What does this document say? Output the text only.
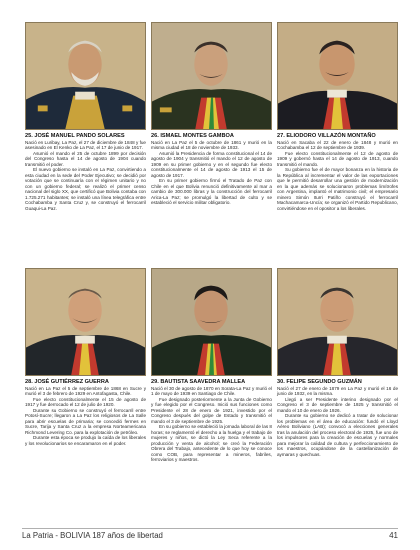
25. JOSÉ MANUEL PANDO SOLARES

Nació en Luribay, La Paz, el 27 de diciembre de 1848 y fue asesinado en El Kenko de La Paz, el 17 de junio de 1917.

Asumió el mando el 25 de octubre 1899 por decisión del Congreso hasta el 14 de agosto de 1904 cuando transmitió el poder.

El nuevo gobierno se instaló en La Paz, convirtiendo a esta ciudad en la sede del Poder Ejecutivo; se decidió por votación que se continuaría con el régimen unitario y no con un gobierno federal; se realizó el primer censo nacional del siglo XX, que certificó que Bolivia contaba con 1.725.271 habitantes; se instaló una línea telegráfica entre Cochabamba y Santa Cruz y, se construyó el ferrocarril Guaqui-La Paz.

26. ISMAEL MONTES GAMBOA

Nació en La Paz el 5 de octubre de 1861 y murió en la misma ciudad el 18 de noviembre de 1933.

Asumió la Presidencia de forma constitucional el 14 de agosto de 1904 y transmitió el mando el 12 de agosto de 1909 en su primer gobierno y en el segundo fue electo constitucionalmente el 14 de agosto de 1913 el 15 de agosto de 1917.

En su primer gobierno firmó el Tratado de Paz con Chile en el que Bolivia renunció definitivamente al mar a cambio de 300.000 libras y la construcción del ferrocarril Arica-La Paz; se promulgó la libertad de culto y se estableció el servicio militar obligatorio.

27. ELIODORO VILLAZÓN MONTAÑO

Nació en Sacaba el 22 de enero de 1848 y murió en Cochabamba el 12 de septiembre de 1939.

Fue electo constitucionalmente el 12 de agosto de 1909 y gobernó hasta el 14 de agosto de 1913, cuando transmitió el mando.

Su gobierno fue el de mayor bonanza en la historia de la República al incrementar el valor de las exportaciones que le permitió desarrollar una gestión de modernización en la que además se solucionaron problemas limítrofes con Argentina, implantó el matrimonio civil; el empresario minero Simón Iturri Patiño construyó el ferrocarril Machacamarca-Uncía; se organizó el Partido Republicano, convirtiéndose en el opositor a los liberales.

28. JOSÉ GUTIÉRREZ GUERRA

Nació en La Paz el 5 de septiembre de 1868 en Sucre y murió el 3 de febrero de 1929 en Antofagasta, Chile.

Fue electo constitucionalmente el 15 de agosto de 1917 y fue derrocado el 12 de julio de 1920.

Durante su Gobierno se construyó el ferrocarril entre Potosí-Sucre; llegaron a La Paz los religiosos de La Salle para abrir escuelas de primaria; se concedió fermes en Sucre, Tarija y Santa Cruz a la empresa Norteamericana Richmond Levering Co. para la explotación de petróleo.

Durante esta época se produjo la caída de los liberales y los revolucionarios se encaramaron en el poder.

29. BAUTISTA SAAVEDRA MALLEA

Nació el 30 de agosto de 1870 en Sorata-La Paz y murió el 1 de mayo de 1939 en Santiago de Chile.

Fue designado posteriormente a la Junta de Gobierno y fue elegido por el Congreso. Inició sus funciones como Presidente el 28 de enero de 1921, investido por el Congreso después del golpe de Estado y transmitió el mando el 3 de septiembre de 1925.

En su gobierno se estableció la jornada laboral de las 8 horas; se reglamentó el derecho a la huelga y el trabajo de mujeres y niños, se dictó la Ley Seca referente a la producción y venta de alcohol; se creó la Federación Obrera del Trabajo, antecedente de lo que hoy se conoce como COB, para representar a mineros, fabriles, ferroviarios y maestros.

30. FELIPE SEGUNDO GUZMÁN

Nació el 27 de enero de 1879 en La Paz y murió el 16 de junio de 1932, en la misma.

Llegó a ser Presidente interino designado por el Congreso el 3 de septiembre de 1925 y transmitió el mando el 10 de enero de 1926.

Durante su gobierno se dedicó a tratar de solucionar los problemas en el área de educación: fundó el Lloyd Aéreo Boliviano (LAB); convocó a elecciones generales tras la anulación del proceso electoral de 1925, fue uno de los impulsores para la creación de escuelas y normales para mejorar la calidad de cultura y perfeccionamiento de los maestros, ocupándose de la castellanización de aymaras y quechuas.

La Patria - BOLIVIA 187 años de libertad	41
